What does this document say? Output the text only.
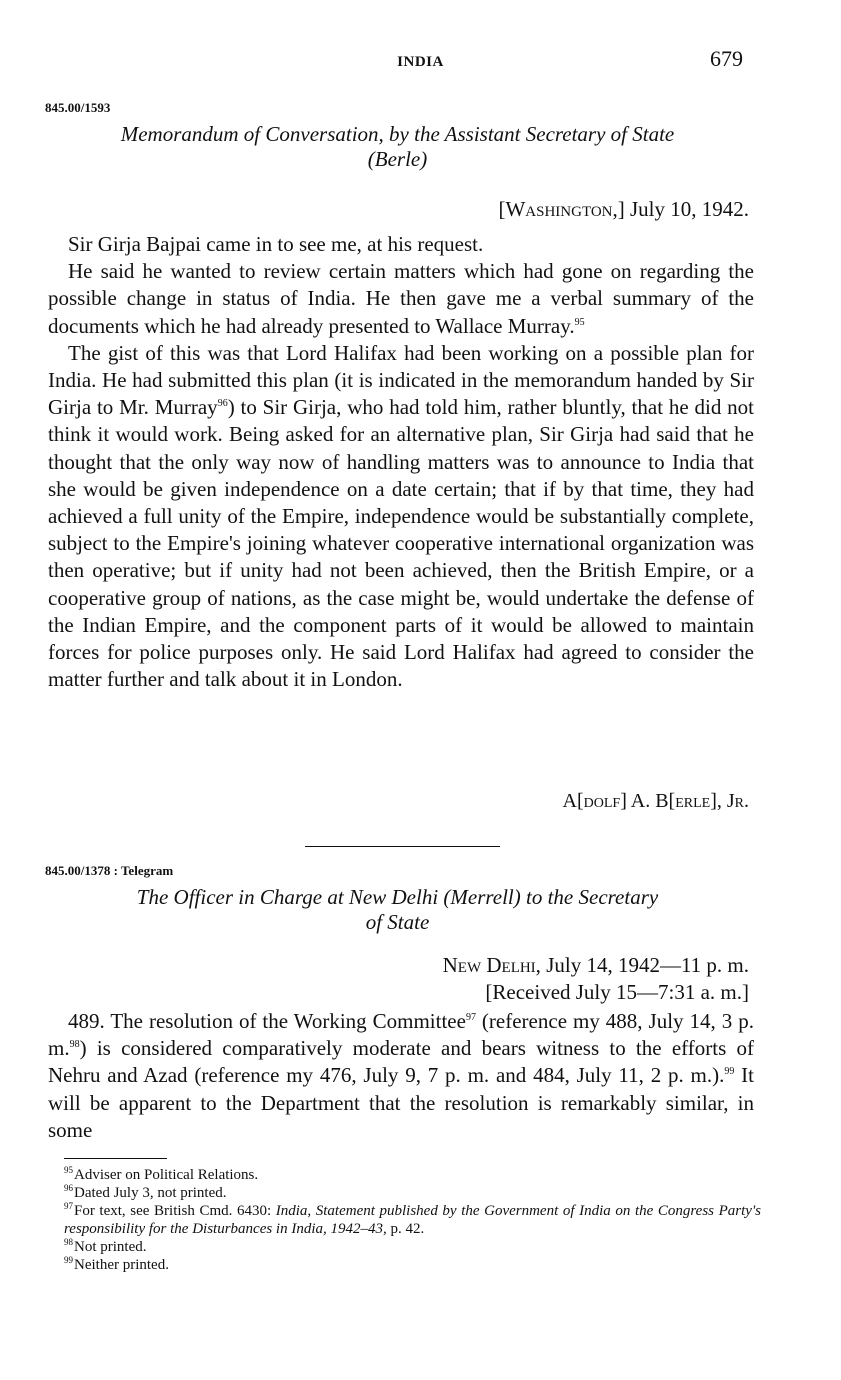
INDIA	679
845.00/1593
Memorandum of Conversation, by the Assistant Secretary of State
(Berle)
[Washington,] July 10, 1942.

Sir Girja Bajpai came in to see me, at his request.

He said he wanted to review certain matters which had gone on regarding the possible change in status of India. He then gave me a verbal summary of the documents which he had already presented to Wallace Murray.$^{95}$

The gist of this was that Lord Halifax had been working on a possible plan for India. He had submitted this plan (it is indicated in the memorandum handed by Sir Girja to Mr. Murray$^{96}$) to Sir Girja, who had told him, rather bluntly, that he did not think it would work. Being asked for an alternative plan, Sir Girja had said that he thought that the only way now of handling matters was to announce to India that she would be given independence on a date certain; that if by that time, they had achieved a full unity of the Empire, independence would be substantially complete, subject to the Empire's joining whatever cooperative international organization was then operative; but if unity had not been achieved, then the British Empire, or a cooperative group of nations, as the case might be, would undertake the defense of the Indian Empire, and the component parts of it would be allowed to maintain forces for police purposes only. He said Lord Halifax had agreed to consider the matter further and talk about it in London.

A[dolf] A. B[erle], Jr.
845.00/1378 : Telegram
The Officer in Charge at New Delhi (Merrell) to the Secretary
of State
New Delhi, July 14, 1942—11 p. m.
[Received July 15—7:31 a. m.]

489. The resolution of the Working Committee$^{97}$ (reference my 488, July 14, 3 p. m.$^{98}$) is considered comparatively moderate and bears witness to the efforts of Nehru and Azad (reference my 476, July 9, 7 p. m. and 484, July 11, 2 p. m.).$^{99}$ It will be apparent to the Department that the resolution is remarkably similar, in some

$^{95}$Adviser on Political Relations.

$^{96}$Dated July 3, not printed.

$^{97}$For text, see British Cmd. 6430: India, Statement published by the Government of India on the Congress Party's responsibility for the Disturbances in India, 1942–43, p. 42.

$^{98}$Not printed.

$^{99}$Neither printed.
